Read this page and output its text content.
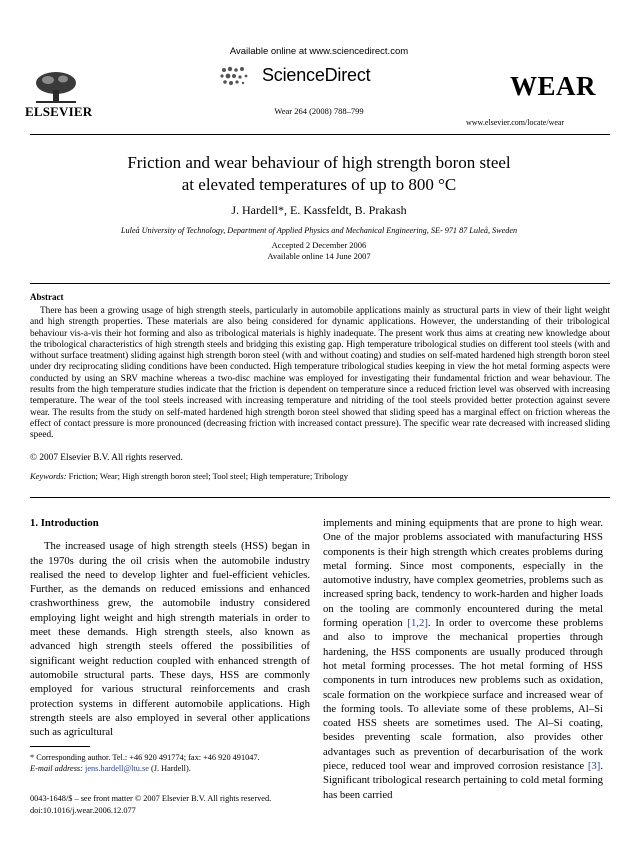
Available online at www.sciencedirect.com
ScienceDirect
Wear 264 (2008) 788–799
ELSEVIER
WEAR
www.elsevier.com/locate/wear
Friction and wear behaviour of high strength boron steel
at elevated temperatures of up to 800 °C
J. Hardell*, E. Kassfeldt, B. Prakash
Luleå University of Technology, Department of Applied Physics and Mechanical Engineering, SE- 971 87 Luleå, Sweden
Accepted 2 December 2006
Available online 14 June 2007
Abstract

There has been a growing usage of high strength steels, particularly in automobile applications mainly as structural parts in view of their light weight and high strength properties. These materials are also being considered for dynamic applications. However, the understanding of their tribological behaviour vis-a-vis their hot forming and also as tribological materials is highly inadequate. The present work thus aims at creating new knowledge about the tribological characteristics of high strength steels and bridging this existing gap. High temperature tribological studies on different tool steels (with and without surface treatment) sliding against high strength boron steel (with and without coating) and studies on self-mated hardened high strength boron steel under dry reciprocating sliding conditions have been conducted. High temperature tribological studies keeping in view the hot metal forming aspects were conducted by using an SRV machine whereas a two-disc machine was employed for investigating their fundamental friction and wear behaviour. The results from the high temperature studies indicate that the friction is dependent on temperature since a reduced friction level was observed with increasing temperature. The wear of the tool steels increased with increasing temperature and nitriding of the tool steels provided better protection against severe wear. The results from the study on self-mated hardened high strength boron steel showed that sliding speed has a marginal effect on friction whereas the effect of contact pressure is more pronounced (decreasing friction with increased contact pressure). The specific wear rate decreased with increased sliding speed.

© 2007 Elsevier B.V. All rights reserved.
Keywords: Friction; Wear; High strength boron steel; Tool steel; High temperature; Tribology
1. Introduction

The increased usage of high strength steels (HSS) began in the 1970s during the oil crisis when the automobile industry realised the need to develop lighter and fuel-efficient vehicles. Further, as the demands on reduced emissions and enhanced crashworthiness grew, the automobile industry considered employing light weight and high strength materials in order to meet these demands. High strength steels, also known as advanced high strength steels offered the possibilities of significant weight reduction coupled with enhanced strength of automobile structural parts. These days, HSS are commonly employed for various structural reinforcements and crash protection systems in different automobile applications. High strength steels are also employed in several other applications such as agricultural

implements and mining equipments that are prone to high wear. One of the major problems associated with manufacturing HSS components is their high strength which creates problems during metal forming. Since most components, especially in the automotive industry, have complex geometries, problems such as increased spring back, tendency to work-harden and higher loads on the tooling are commonly encountered during the metal forming operation [1,2]. In order to overcome these problems and also to improve the mechanical properties through hardening, the HSS components are usually produced through hot metal forming processes. The hot metal forming of HSS components in turn introduces new problems such as oxidation, scale formation on the workpiece surface and increased wear of the forming tools. To alleviate some of these problems, Al–Si coated HSS sheets are sometimes used. The Al–Si coating, besides preventing scale formation, also provides other advantages such as prevention of decarburisation of the work piece, reduced tool wear and improved corrosion resistance [3]. Significant tribological research pertaining to cold metal forming has been carried

* Corresponding author. Tel.: +46 920 491774; fax: +46 920 491047.
E-mail address: jens.hardell@ltu.se (J. Hardell).
0043-1648/$ – see front matter © 2007 Elsevier B.V. All rights reserved.
doi:10.1016/j.wear.2006.12.077
